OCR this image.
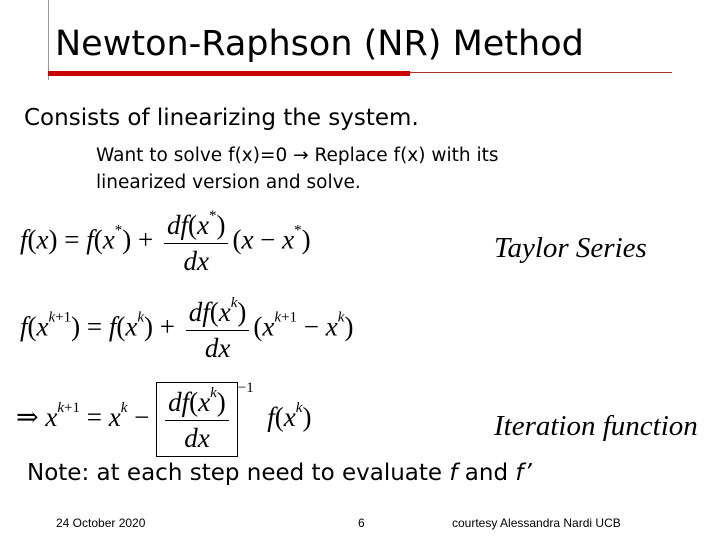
Newton-Raphson (NR) Method
Consists of linearizing the system.
Want to solve f(x)=0 → Replace f(x) with its
linearized version and solve.
$f(x) = f(x^*) + \frac{df(x^*)}{dx} (x - x^*)$	Taylor Series
$f(x^{k+1}) = f(x^k) + \frac{df(x^k)}{dx} (x^{k+1} - x^k)$
⇒ $x^{k+1} = x^k - \frac{df(x^k)}{dx} ^{-1}$  $f(x^k)$	Iteration function
Note: at each step need to evaluate f and f’
24 October 2020	6	courtesy Alessandra Nardi UCB
